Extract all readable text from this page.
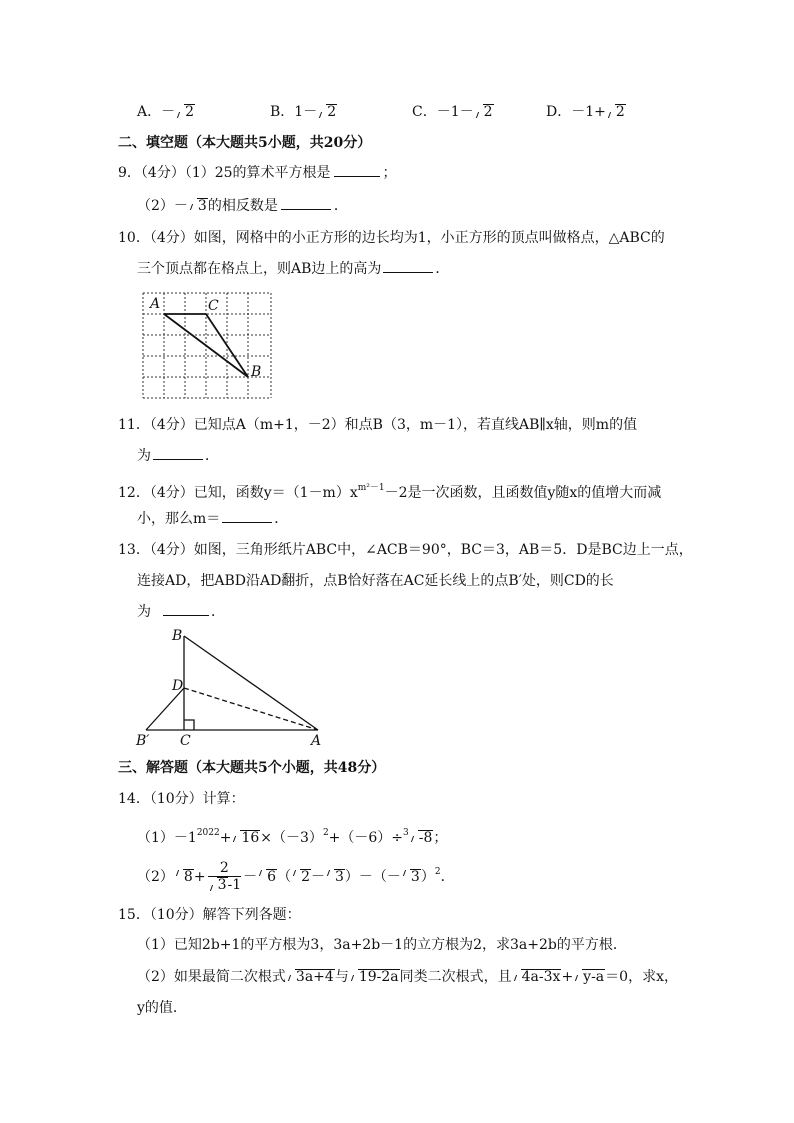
A．－ 2	B．1－ 2	C．－1－ 2	D．－1+ 2
二、填空题（本大题共5小题，共20分）
9．（4分）（1）25的算术平方根是	；
（2）－ 3的相反数是	．
10．（4分）如图，网格中的小正方形的边长均为1，小正方形的顶点叫做格点，△ABC的
三个顶点都在格点上，则AB边上的高为	．
A	C
B
11．（4分）已知点A（m+1，－2）和点B（3，m－1），若直线AB∥x轴，则m的值
为	．
12．（4分）已知，函数$y=(1-m)x^{m^2-1}-2$是一次函数，且函数值y随x的值增大而减
小，那么m＝	．
13．（4分）如图，三角形纸片ABC中，∠ACB＝90°，BC＝3，AB＝5．D是BC边上一点，
连接AD，把ABD沿AD翻折，点B恰好落在AC延长线上的点B′处，则CD的长
为	．
B
D
B′ C	A
三、解答题（本大题共5个小题，共48分）
14．（10分）计算：
$(1)-1^{2022}+ 16\times(-3)^2+(-6)\div^3$ -8；
（2） $8+ \frac{2}{3-1} - 6$（ $2- 3)-(- 3)^2$．
15．（10分）解答下列各题：
（1）已知2b+1的平方根为3，3a+2b－1的立方根为2，求3a+2b的平方根．
（2）如果最简二次根式 3a+4与 19-2a同类二次根式，且 4a-3x+ y-a＝0，求x，
y的值．
